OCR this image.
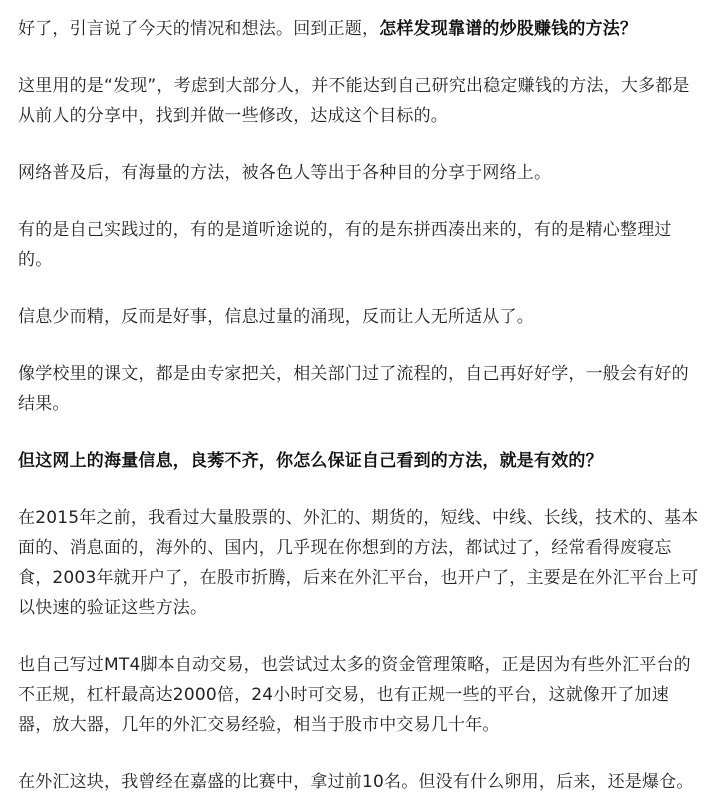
好了，引言说了今天的情况和想法。回到正题，怎样发现靠谱的炒股赚钱的方法？

这里用的是“发现”，考虑到大部分人，并不能达到自己研究出稳定赚钱的方法，大多都是从前人的分享中，找到并做一些修改，达成这个目标的。

网络普及后，有海量的方法，被各色人等出于各种目的分享于网络上。

有的是自己实践过的，有的是道听途说的，有的是东拼西凑出来的，有的是精心整理过的。

信息少而精，反而是好事，信息过量的涌现，反而让人无所适从了。

像学校里的课文，都是由专家把关，相关部门过了流程的，自己再好好学，一般会有好的结果。

但这网上的海量信息，良莠不齐，你怎么保证自己看到的方法，就是有效的？

在2015年之前，我看过大量股票的、外汇的、期货的，短线、中线、长线，技术的、基本面的、消息面的，海外的、国内，几乎现在你想到的方法，都试过了，经常看得废寝忘食，2003年就开户了，在股市折腾，后来在外汇平台，也开户了，主要是在外汇平台上可以快速的验证这些方法。

也自己写过MT4脚本自动交易，也尝试过太多的资金管理策略，正是因为有些外汇平台的不正规，杠杆最高达2000倍，24小时可交易，也有正规一些的平台，这就像开了加速器，放大器，几年的外汇交易经验，相当于股市中交易几十年。

在外汇这块，我曾经在嘉盛的比赛中，拿过前10名。但没有什么卵用，后来，还是爆仓。
